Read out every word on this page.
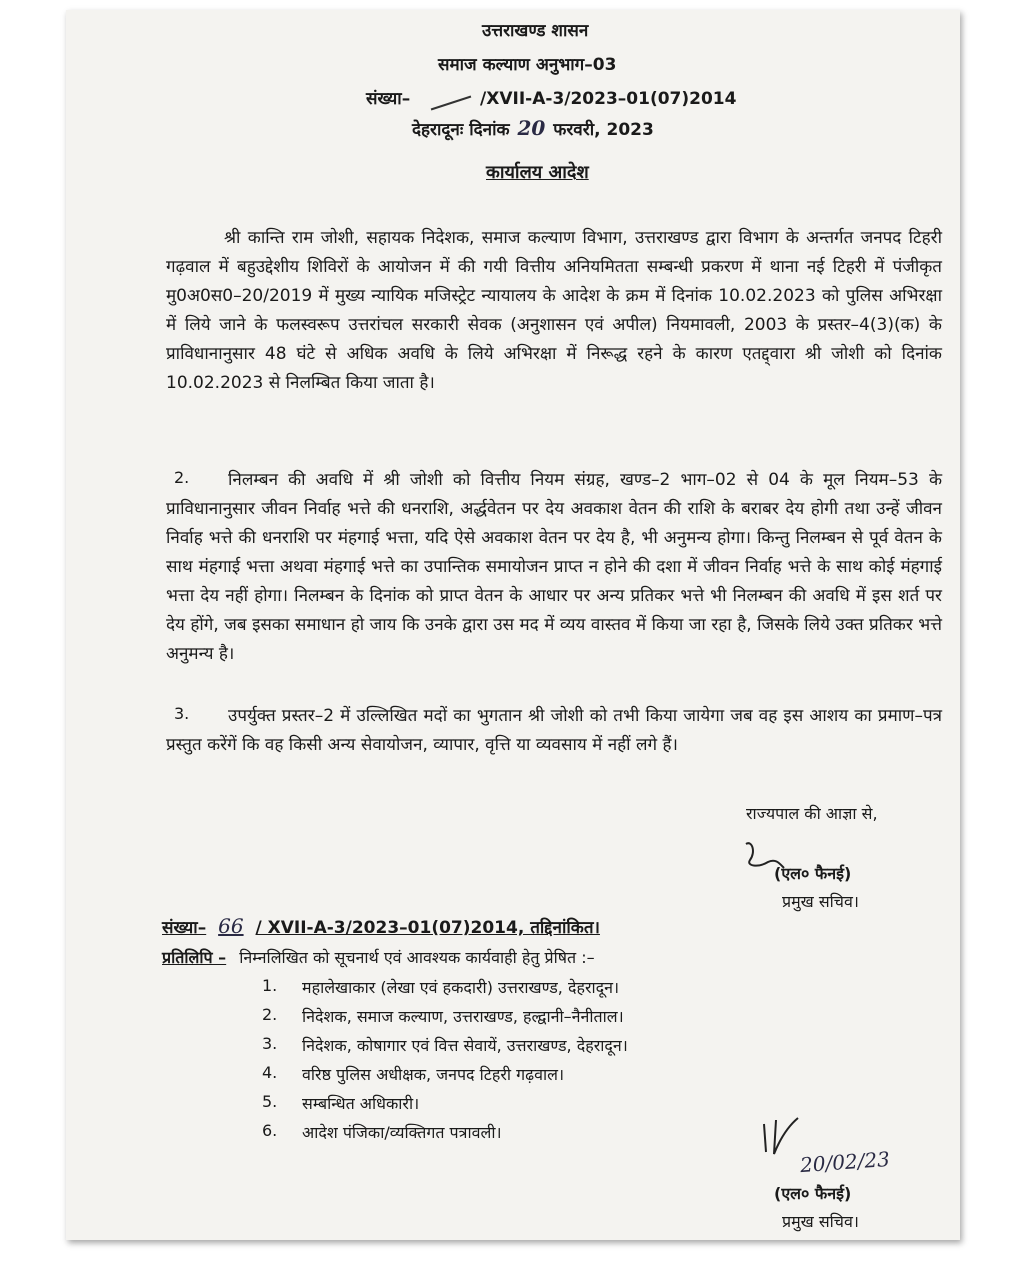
उत्तराखण्ड शासन
समाज कल्याण अनुभाग–03
संख्या–	/XVII-A-3/2023–01(07)2014
देहरादूनः दिनांक 20 फरवरी, 2023
कार्यालय आदेश
श्री कान्ति राम जोशी, सहायक निदेशक, समाज कल्याण विभाग, उत्तराखण्ड द्वारा विभाग के अन्तर्गत जनपद टिहरी गढ़वाल में बहुउद्देशीय शिविरों के आयोजन में की गयी वित्तीय अनियमितता सम्बन्धी प्रकरण में थाना नई टिहरी में पंजीकृत मु0अ0स0–20/2019 में मुख्य न्यायिक मजिस्ट्रेट न्यायालय के आदेश के क्रम में दिनांक 10.02.2023 को पुलिस अभिरक्षा में लिये जाने के फलस्वरूप उत्तरांचल सरकारी सेवक (अनुशासन एवं अपील) नियमावली, 2003 के प्रस्तर–4(3)(क) के प्राविधानानुसार 48 घंटे से अधिक अवधि के लिये अभिरक्षा में निरूद्ध रहने के कारण एतद्द्वारा श्री जोशी को दिनांक 10.02.2023 से निलम्बित किया जाता है।
2.	निलम्बन की अवधि में श्री जोशी को वित्तीय नियम संग्रह, खण्ड–2 भाग–02 से 04 के मूल नियम–53 के प्राविधानानुसार जीवन निर्वाह भत्ते की धनराशि, अर्द्धवेतन पर देय अवकाश वेतन की राशि के बराबर देय होगी तथा उन्हें जीवन निर्वाह भत्ते की धनराशि पर मंहगाई भत्ता, यदि ऐसे अवकाश वेतन पर देय है, भी अनुमन्य होगा। किन्तु निलम्बन से पूर्व वेतन के साथ मंहगाई भत्ता अथवा मंहगाई भत्ते का उपान्तिक समायोजन प्राप्त न होने की दशा में जीवन निर्वाह भत्ते के साथ कोई मंहगाई भत्ता देय नहीं होगा। निलम्बन के दिनांक को प्राप्त वेतन के आधार पर अन्य प्रतिकर भत्ते भी निलम्बन की अवधि में इस शर्त पर देय होंगे, जब इसका समाधान हो जाय कि उनके द्वारा उस मद में व्यय वास्तव में किया जा रहा है, जिसके लिये उक्त प्रतिकर भत्ते अनुमन्य है।
3.	उपर्युक्त प्रस्तर–2 में उल्लिखित मदों का भुगतान श्री जोशी को तभी किया जायेगा जब वह इस आशय का प्रमाण–पत्र प्रस्तुत करेंगें कि वह किसी अन्य सेवायोजन, व्यापार, वृत्ति या व्यवसाय में नहीं लगे हैं।
राज्यपाल की आज्ञा से,
(एल० फैनई)
प्रमुख सचिव।
संख्या– 66 / XVII-A-3/2023–01(07)2014, तद्दिनांकित।
प्रतिलिपि – निम्नलिखित को सूचनार्थ एवं आवश्यक कार्यवाही हेतु प्रेषित :–
1.	महालेखाकार (लेखा एवं हकदारी) उत्तराखण्ड, देहरादून।
2.	निदेशक, समाज कल्याण, उत्तराखण्ड, हल्द्वानी–नैनीताल।
3.	निदेशक, कोषागार एवं वित्त सेवायें, उत्तराखण्ड, देहरादून।
4.	वरिष्ठ पुलिस अधीक्षक, जनपद टिहरी गढ़वाल।
5.	सम्बन्धित अधिकारी।
6.	आदेश पंजिका/व्यक्तिगत पत्रावली।
20/02/23
(एल० फैनई)
प्रमुख सचिव।
